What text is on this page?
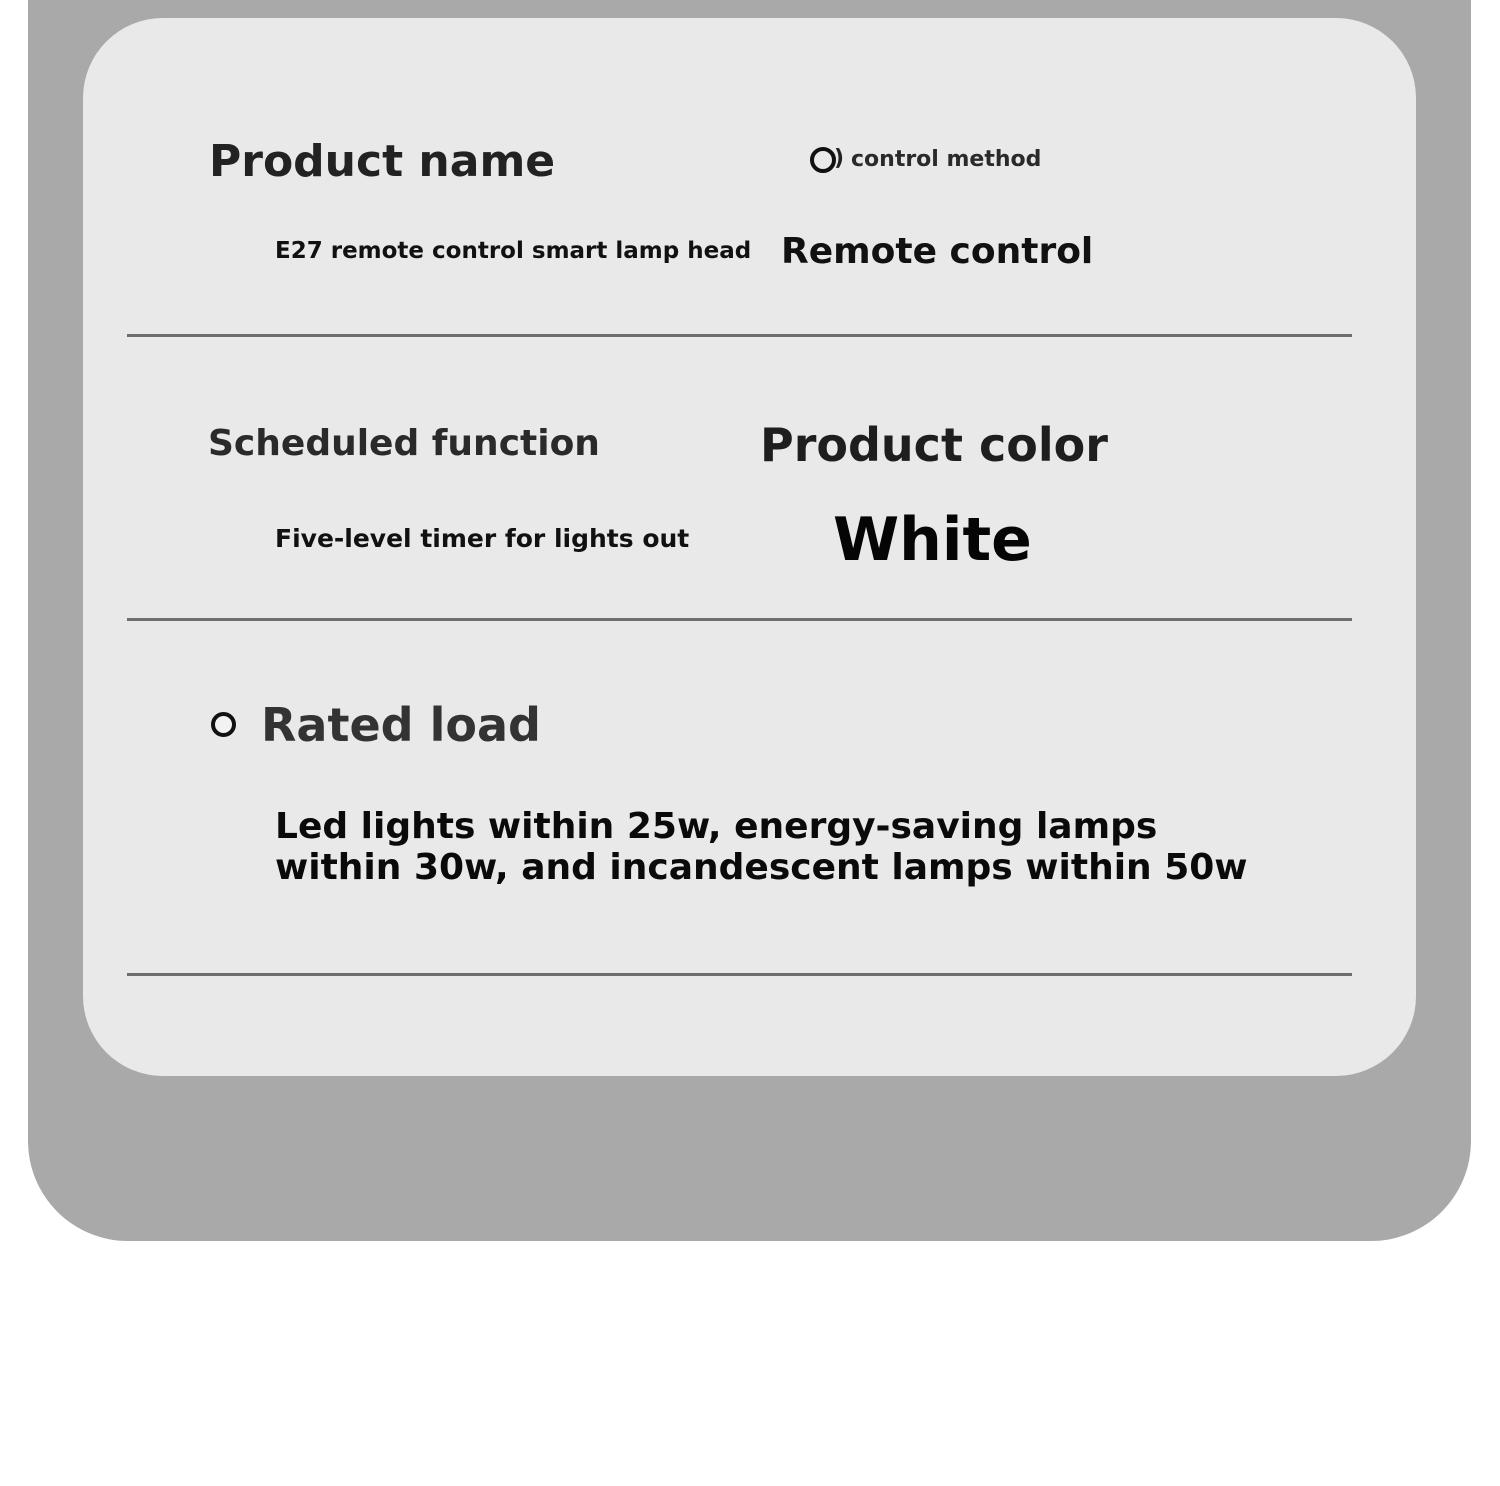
Product name
E27 remote control smart lamp head
) control method
Remote control
Scheduled function
Five-level timer for lights out
Product color
White
Rated load
Led lights within 25w, energy-saving lamps
within 30w, and incandescent lamps within 50w
